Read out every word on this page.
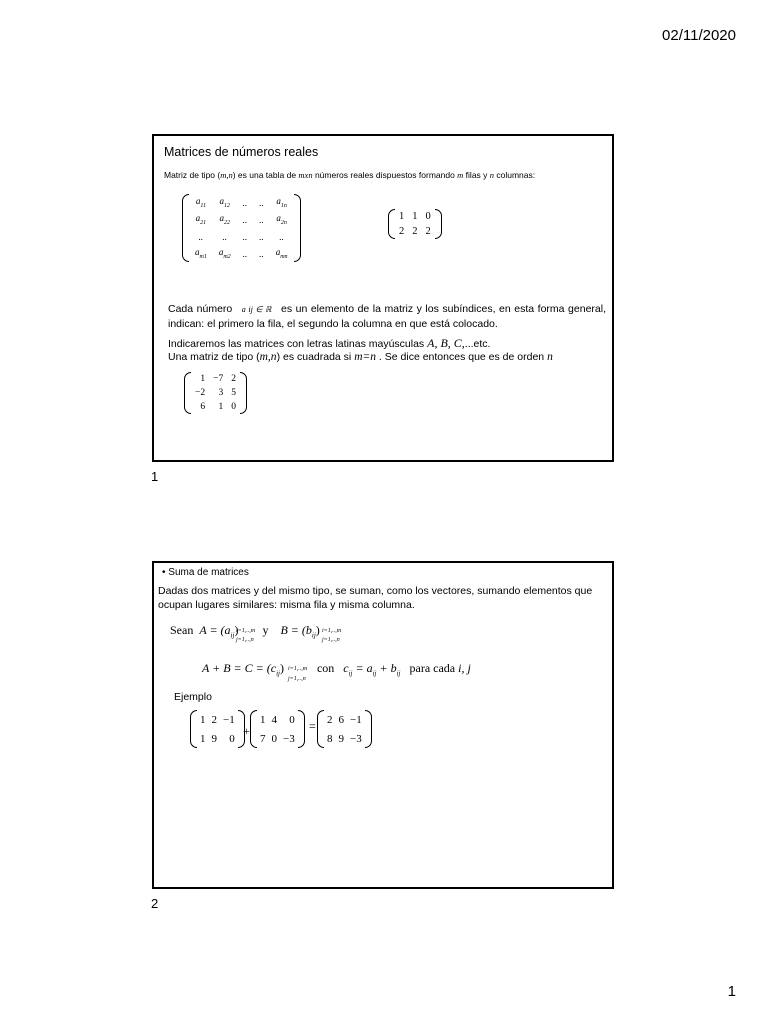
02/11/2020
Matrices de números reales
Matriz de tipo (m,n) es una tabla de mxn números reales dispuestos formando m filas y n columnas:
$a_{11}$	$a_{12}$	..	..	$a_{1n}$
$a_{21}$	$a_{22}$	..	..	$a_{2n}$
..	..	..	..	..
$a_{m1}$	$a_{m2}$	..	..	$a_{mn}$
1	1	0
2	2	2
Cada número a ij ∈ ℝ es un elemento de la matriz y los subíndices, en esta forma general, indican: el primero la fila, el segundo la columna en que está colocado.
Indicaremos las matrices con letras latinas mayúsculas A, B, C,...etc.
Una matriz de tipo (m,n) es cuadrada si m=n . Se dice entonces que es de orden n
1	−7	2
−2	3	5
6	1	0
1
• Suma de matrices
Dadas dos matrices y del mismo tipo, se suman, como los vectores, sumando elementos que ocupan lugares similares: misma fila y misma columna.
Sean $A = (a_{ij})$ y $B = (b_{ij})$
i=1,..,m
j=1,..,n
i=1,..,m
j=1,..,n
$A + B = C = (c_{ij})$	con $c_{ij} = a_{ij} + b_{ij}$ para cada i, j
i=1,..,m
j=1,..,n
Ejemplo
1	2	−1
1	9	0
+
1	4	0
7	0	−3
= 2	6	−1
8	9	−3
2
1
